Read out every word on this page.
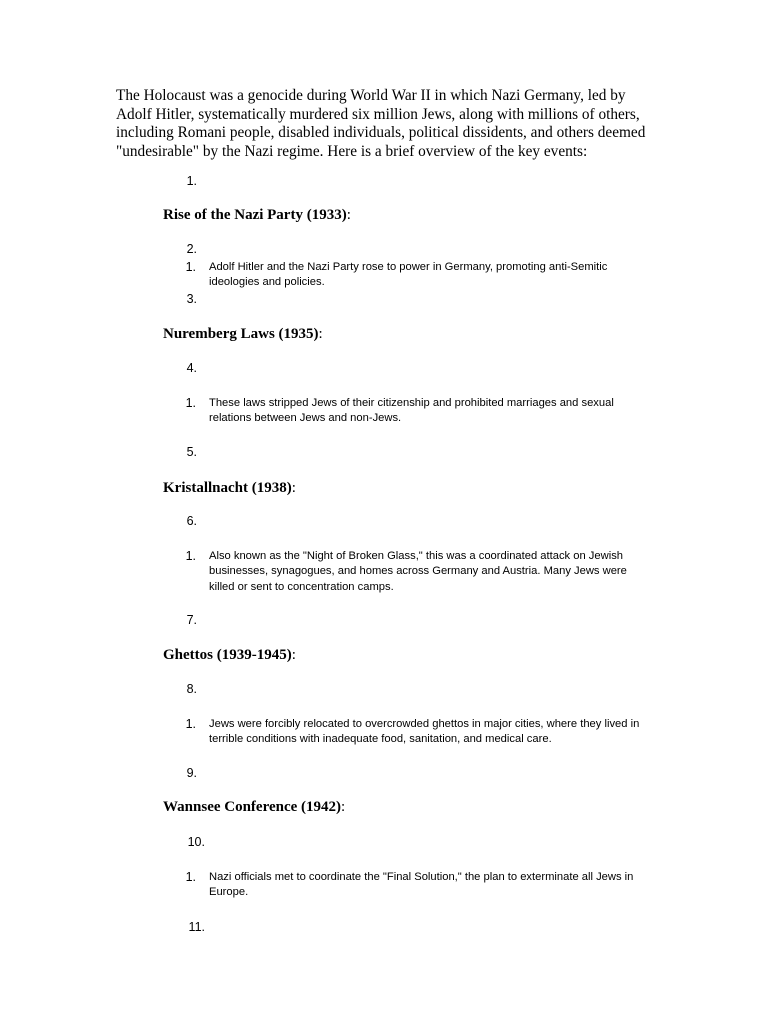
The Holocaust was a genocide during World War II in which Nazi Germany, led by Adolf Hitler, systematically murdered six million Jews, along with millions of others, including Romani people, disabled individuals, political dissidents, and others deemed "undesirable" by the Nazi regime. Here is a brief overview of the key events:

1.
Rise of the Nazi Party (1933):
2.
1. Adolf Hitler and the Nazi Party rose to power in Germany, promoting anti-Semitic ideologies and policies.
3.
Nuremberg Laws (1935):
4.
1. These laws stripped Jews of their citizenship and prohibited marriages and sexual relations between Jews and non-Jews.
5.
Kristallnacht (1938):
6.
1. Also known as the "Night of Broken Glass," this was a coordinated attack on Jewish businesses, synagogues, and homes across Germany and Austria. Many Jews were killed or sent to concentration camps.
7.
Ghettos (1939-1945):
8.
1. Jews were forcibly relocated to overcrowded ghettos in major cities, where they lived in terrible conditions with inadequate food, sanitation, and medical care.
9.
Wannsee Conference (1942):
10.
1. Nazi officials met to coordinate the "Final Solution," the plan to exterminate all Jews in Europe.
11.
